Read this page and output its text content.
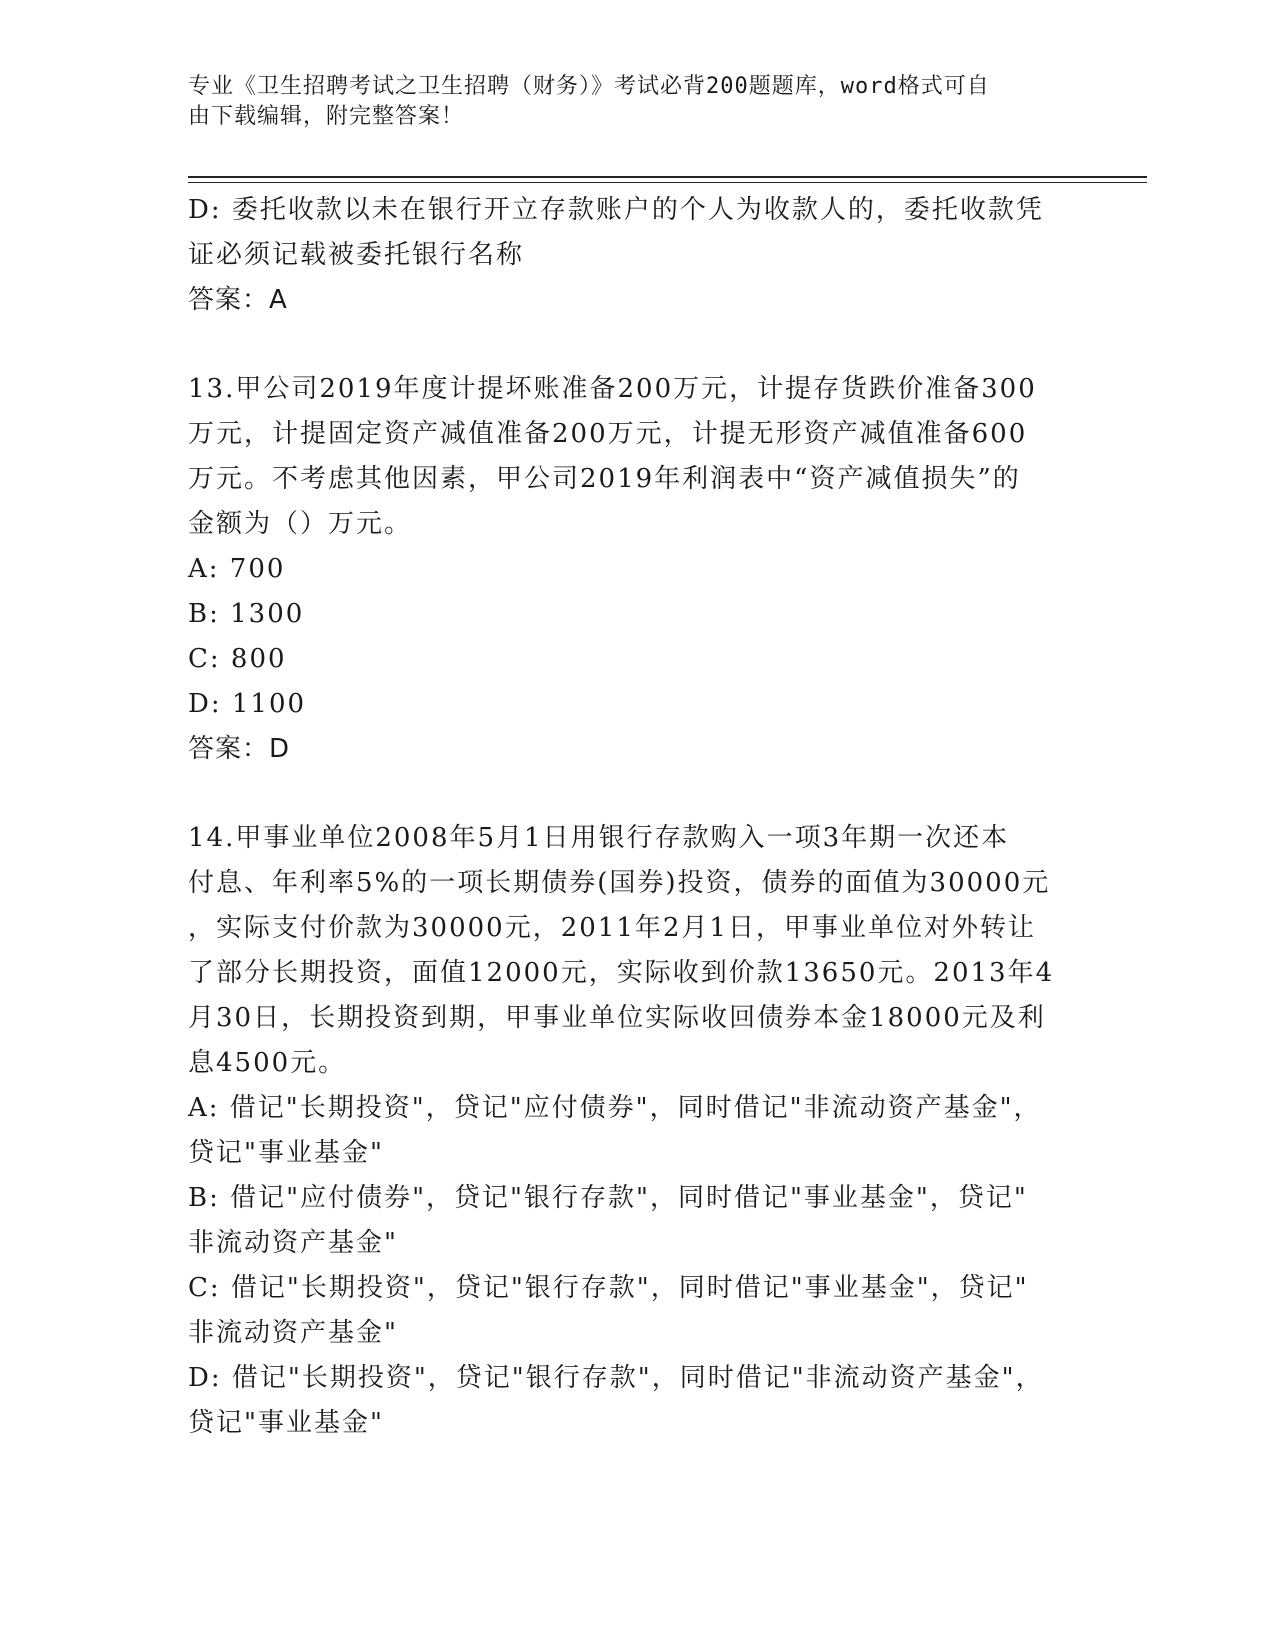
专业《卫生招聘考试之卫生招聘（财务）》考试必背200题题库，word格式可自
由下载编辑，附完整答案！

D: 委托收款以未在银行开立存款账户的个人为收款人的，委托收款凭

证必须记载被委托银行名称

答案：A

13.甲公司2019年度计提坏账准备200万元，计提存货跌价准备300

万元，计提固定资产减值准备200万元，计提无形资产减值准备600

万元。不考虑其他因素，甲公司2019年利润表中“资产减值损失”的

金额为（）万元。

A: 700

B: 1300

C: 800

D: 1100

答案：D

14.甲事业单位2008年5月1日用银行存款购入一项3年期一次还本

付息、年利率5%的一项长期债券(国券)投资，债券的面值为30000元

，实际支付价款为30000元，2011年2月1日，甲事业单位对外转让

了部分长期投资，面值12000元，实际收到价款13650元。2013年4

月30日，长期投资到期，甲事业单位实际收回债券本金18000元及利

息4500元。

A: 借记"长期投资"，贷记"应付债券"，同时借记"非流动资产基金"，

贷记"事业基金"

B: 借记"应付债券"，贷记"银行存款"，同时借记"事业基金"，贷记"

非流动资产基金"

C: 借记"长期投资"，贷记"银行存款"，同时借记"事业基金"，贷记"

非流动资产基金"

D: 借记"长期投资"，贷记"银行存款"，同时借记"非流动资产基金"，

贷记"事业基金"
